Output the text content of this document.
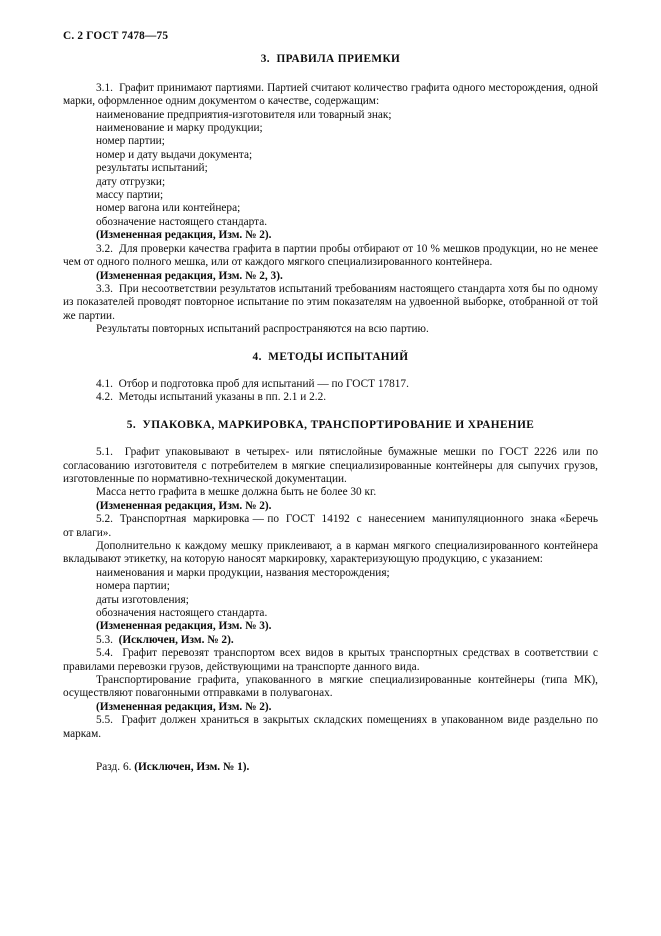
С. 2 ГОСТ 7478—75

3.  ПРАВИЛА ПРИЕМКИ

3.1.  Графит принимают партиями. Партией считают количество графита одного месторождения, одной марки, оформленное одним документом о качестве, содержащим:

наименование предприятия-изготовителя или товарный знак;

наименование и марку продукции;

номер партии;

номер и дату выдачи документа;

результаты испытаний;

дату отгрузки;

массу партии;

номер вагона или контейнера;

обозначение настоящего стандарта.

(Измененная редакция, Изм. № 2).

3.2.  Для проверки качества графита в партии пробы отбирают от 10 % мешков продукции, но не менее чем от одного полного мешка, или от каждого мягкого специализированного контейнера.

(Измененная редакция, Изм. № 2, 3).

3.3.  При несоответствии результатов испытаний требованиям настоящего стандарта хотя бы по одному из показателей проводят повторное испытание по этим показателям на удвоенной выборке, отобранной от той же партии.

Результаты повторных испытаний распространяются на всю партию.

4.  МЕТОДЫ ИСПЫТАНИЙ

4.1.  Отбор и подготовка проб для испытаний — по ГОСТ 17817.

4.2.  Методы испытаний указаны в пп. 2.1 и 2.2.

5.  УПАКОВКА, МАРКИРОВКА, ТРАНСПОРТИРОВАНИЕ И ХРАНЕНИЕ

5.1.  Графит упаковывают в четырех- или пятислойные бумажные мешки по ГОСТ 2226 или по согласованию изготовителя с потребителем в мягкие специализированные контейнеры для сыпучих грузов, изготовленные по нормативно-технической документации.

Масса нетто графита в мешке должна быть не более 30 кг.

(Измененная редакция, Изм. № 2).

5.2.  Транспортная  маркировка — по  ГОСТ  14192  с  нанесением  манипуляционного  знака «Беречь от влаги».

Дополнительно к каждому мешку приклеивают, а в карман мягкого специализированного контейнера вкладывают этикетку, на которую наносят маркировку, характеризующую продукцию, с указанием:

наименования и марки продукции, названия месторождения;

номера партии;

даты изготовления;

обозначения настоящего стандарта.

(Измененная редакция, Изм. № 3).

5.3.  (Исключен, Изм. № 2).

5.4.  Графит перевозят транспортом всех видов в крытых транспортных средствах в соответствии с правилами перевозки грузов, действующими на транспорте данного вида.

Транспортирование графита, упакованного в мягкие специализированные контейнеры (типа МК), осуществляют повагонными отправками в полувагонах.

(Измененная редакция, Изм. № 2).

5.5.  Графит должен храниться в закрытых складских помещениях в упакованном виде раздельно по маркам.

Разд. 6. (Исключен, Изм. № 1).
